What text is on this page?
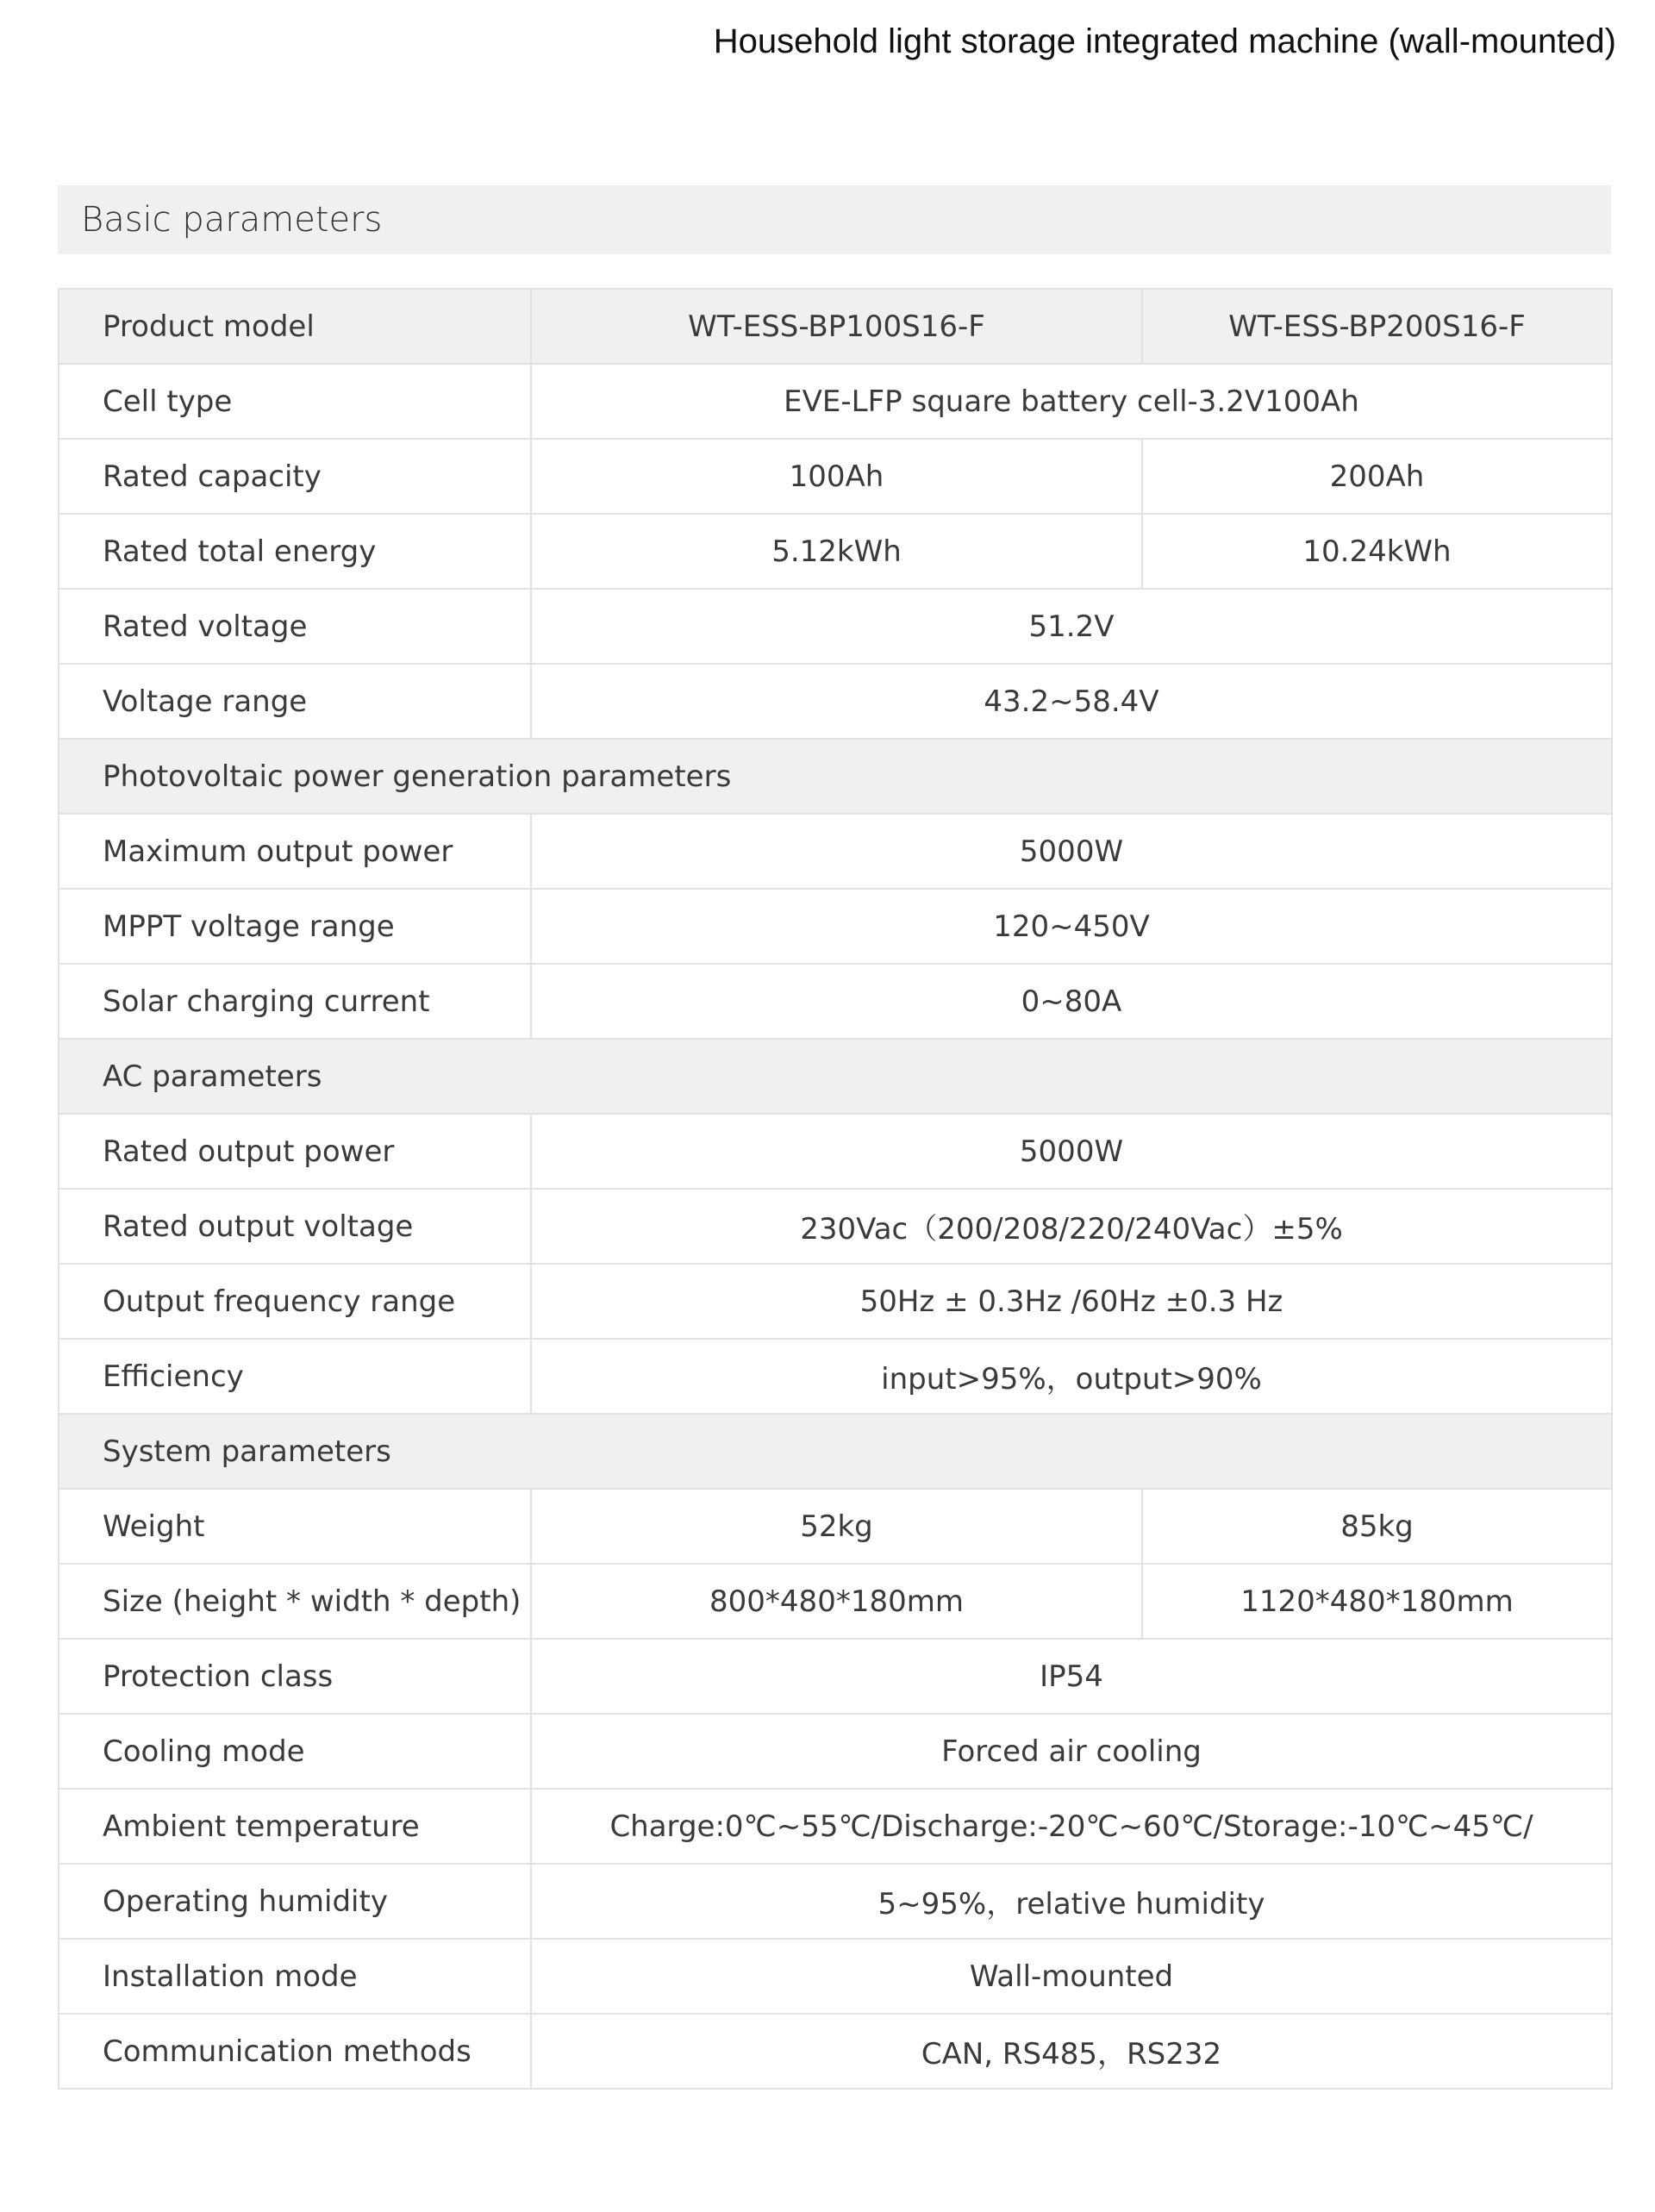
Household light storage integrated machine (wall-mounted)
Basic parameters
Product model	WT-ESS-BP100S16-F	WT-ESS-BP200S16-F
Cell type	EVE-LFP square battery cell-3.2V100Ah	
Rated capacity	100Ah	200Ah
Rated total energy	5.12kWh	10.24kWh
Rated voltage	51.2V	
Voltage range	43.2~58.4V	
Photovoltaic power generation parameters		
Maximum output power	5000W	
MPPT voltage range	120~450V	
Solar charging current	0~80A	
AC parameters		
Rated output power	5000W	
Rated output voltage	230Vac（200/208/220/240Vac）±5%	
Output frequency range	50Hz ± 0.3Hz /60Hz ±0.3 Hz	
Efficiency	input>95%，output>90%	
System parameters		
Weight	52kg	85kg
Size (height * width * depth)	800*480*180mm	1120*480*180mm
Protection class	IP54	
Cooling mode	Forced air cooling	
Ambient temperature	Charge:0℃~55℃/Discharge:-20℃~60℃/Storage:-10℃~45℃/	
Operating humidity	5~95%，relative humidity	
Installation mode	Wall-mounted	
Communication methods	CAN, RS485，RS232	
